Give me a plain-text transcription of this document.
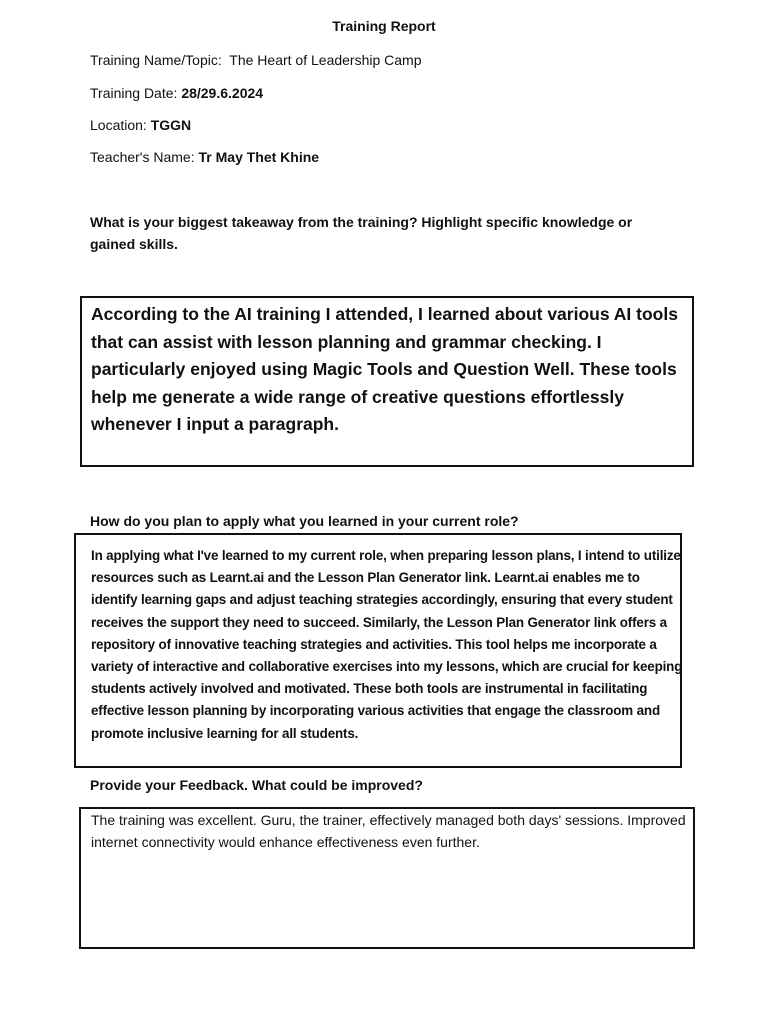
Training Report
Training Name/Topic:  The Heart of Leadership Camp
Training Date: 28/29.6.2024
Location: TGGN
Teacher's Name: Tr May Thet Khine
What is your biggest takeaway from the training? Highlight specific knowledge or gained skills.
According to the AI training I attended, I learned about various AI tools that can assist with lesson planning and grammar checking. I particularly enjoyed using Magic Tools and Question Well. These tools help me generate a wide range of creative questions effortlessly whenever I input a paragraph.
How do you plan to apply what you learned in your current role?
In applying what I've learned to my current role, when preparing lesson plans, I intend to utilize resources such as Learnt.ai and the Lesson Plan Generator link. Learnt.ai enables me to identify learning gaps and adjust teaching strategies accordingly, ensuring that every student receives the support they need to succeed. Similarly, the Lesson Plan Generator link offers a repository of innovative teaching strategies and activities. This tool helps me incorporate a variety of interactive and collaborative exercises into my lessons, which are crucial for keeping students actively involved and motivated. These both tools are instrumental in facilitating effective lesson planning by incorporating various activities that engage the classroom and promote inclusive learning for all students.
Provide your Feedback. What could be improved?
The training was excellent. Guru, the trainer, effectively managed both days' sessions. Improved internet connectivity would enhance effectiveness even further.
